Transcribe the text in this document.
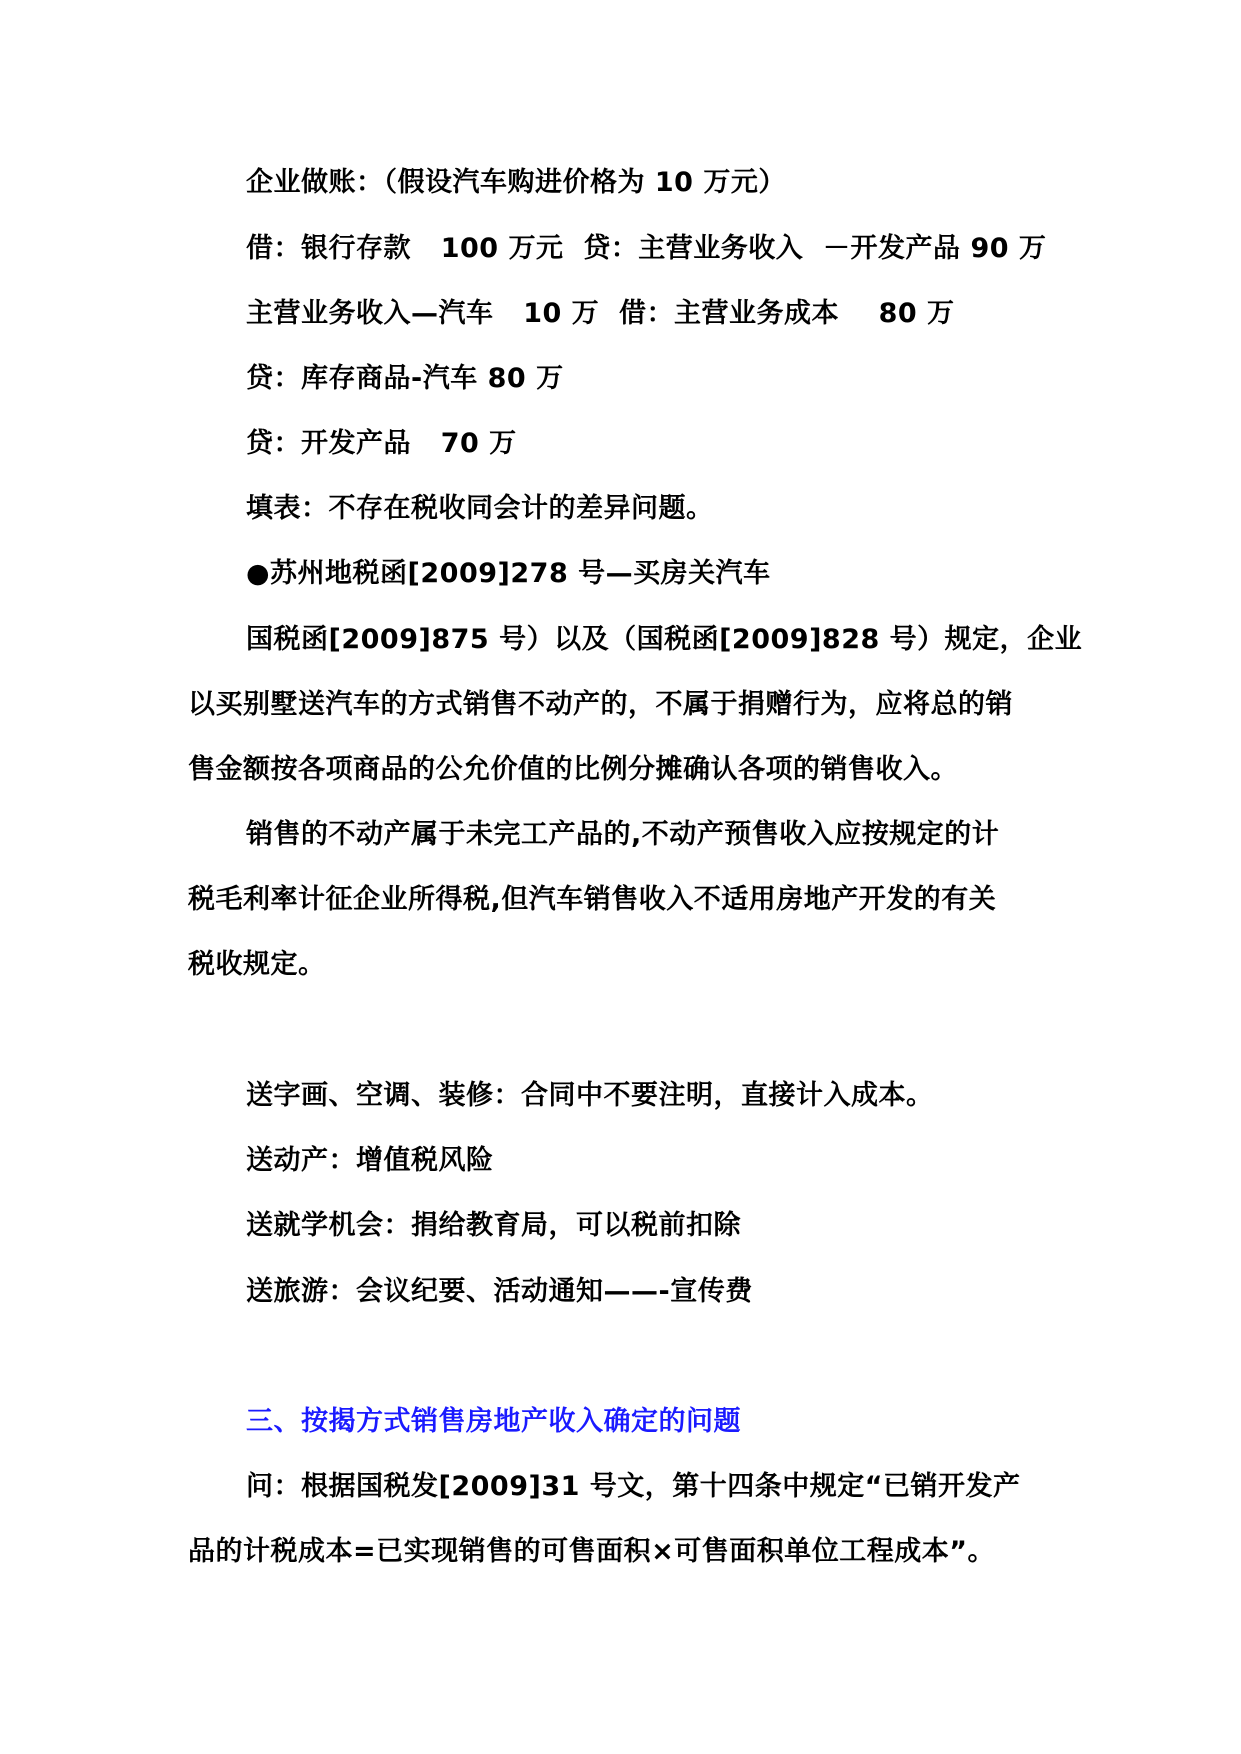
企业做账：（假设汽车购进价格为 10 万元）
借：银行存款   100 万元  贷：主营业务收入  －开发产品 90 万
主营业务收入—汽车   10 万  借：主营业务成本    80 万
贷：库存商品-汽车 80 万
贷：开发产品   70 万
填表：不存在税收同会计的差异问题。
●苏州地税函[2009]278 号—买房关汽车
国税函[2009]875 号）以及（国税函[2009]828 号）规定，企业
以买别墅送汽车的方式销售不动产的，不属于捐赠行为，应将总的销
售金额按各项商品的公允价值的比例分摊确认各项的销售收入。
销售的不动产属于未完工产品的,不动产预售收入应按规定的计
税毛利率计征企业所得税,但汽车销售收入不适用房地产开发的有关
税收规定。
送字画、空调、装修：合同中不要注明，直接计入成本。
送动产：增值税风险
送就学机会：捐给教育局，可以税前扣除
送旅游：会议纪要、活动通知——-宣传费
三、按揭方式销售房地产收入确定的问题
问：根据国税发[2009]31 号文，第十四条中规定“已销开发产
品的计税成本=已实现销售的可售面积×可售面积单位工程成本”。
